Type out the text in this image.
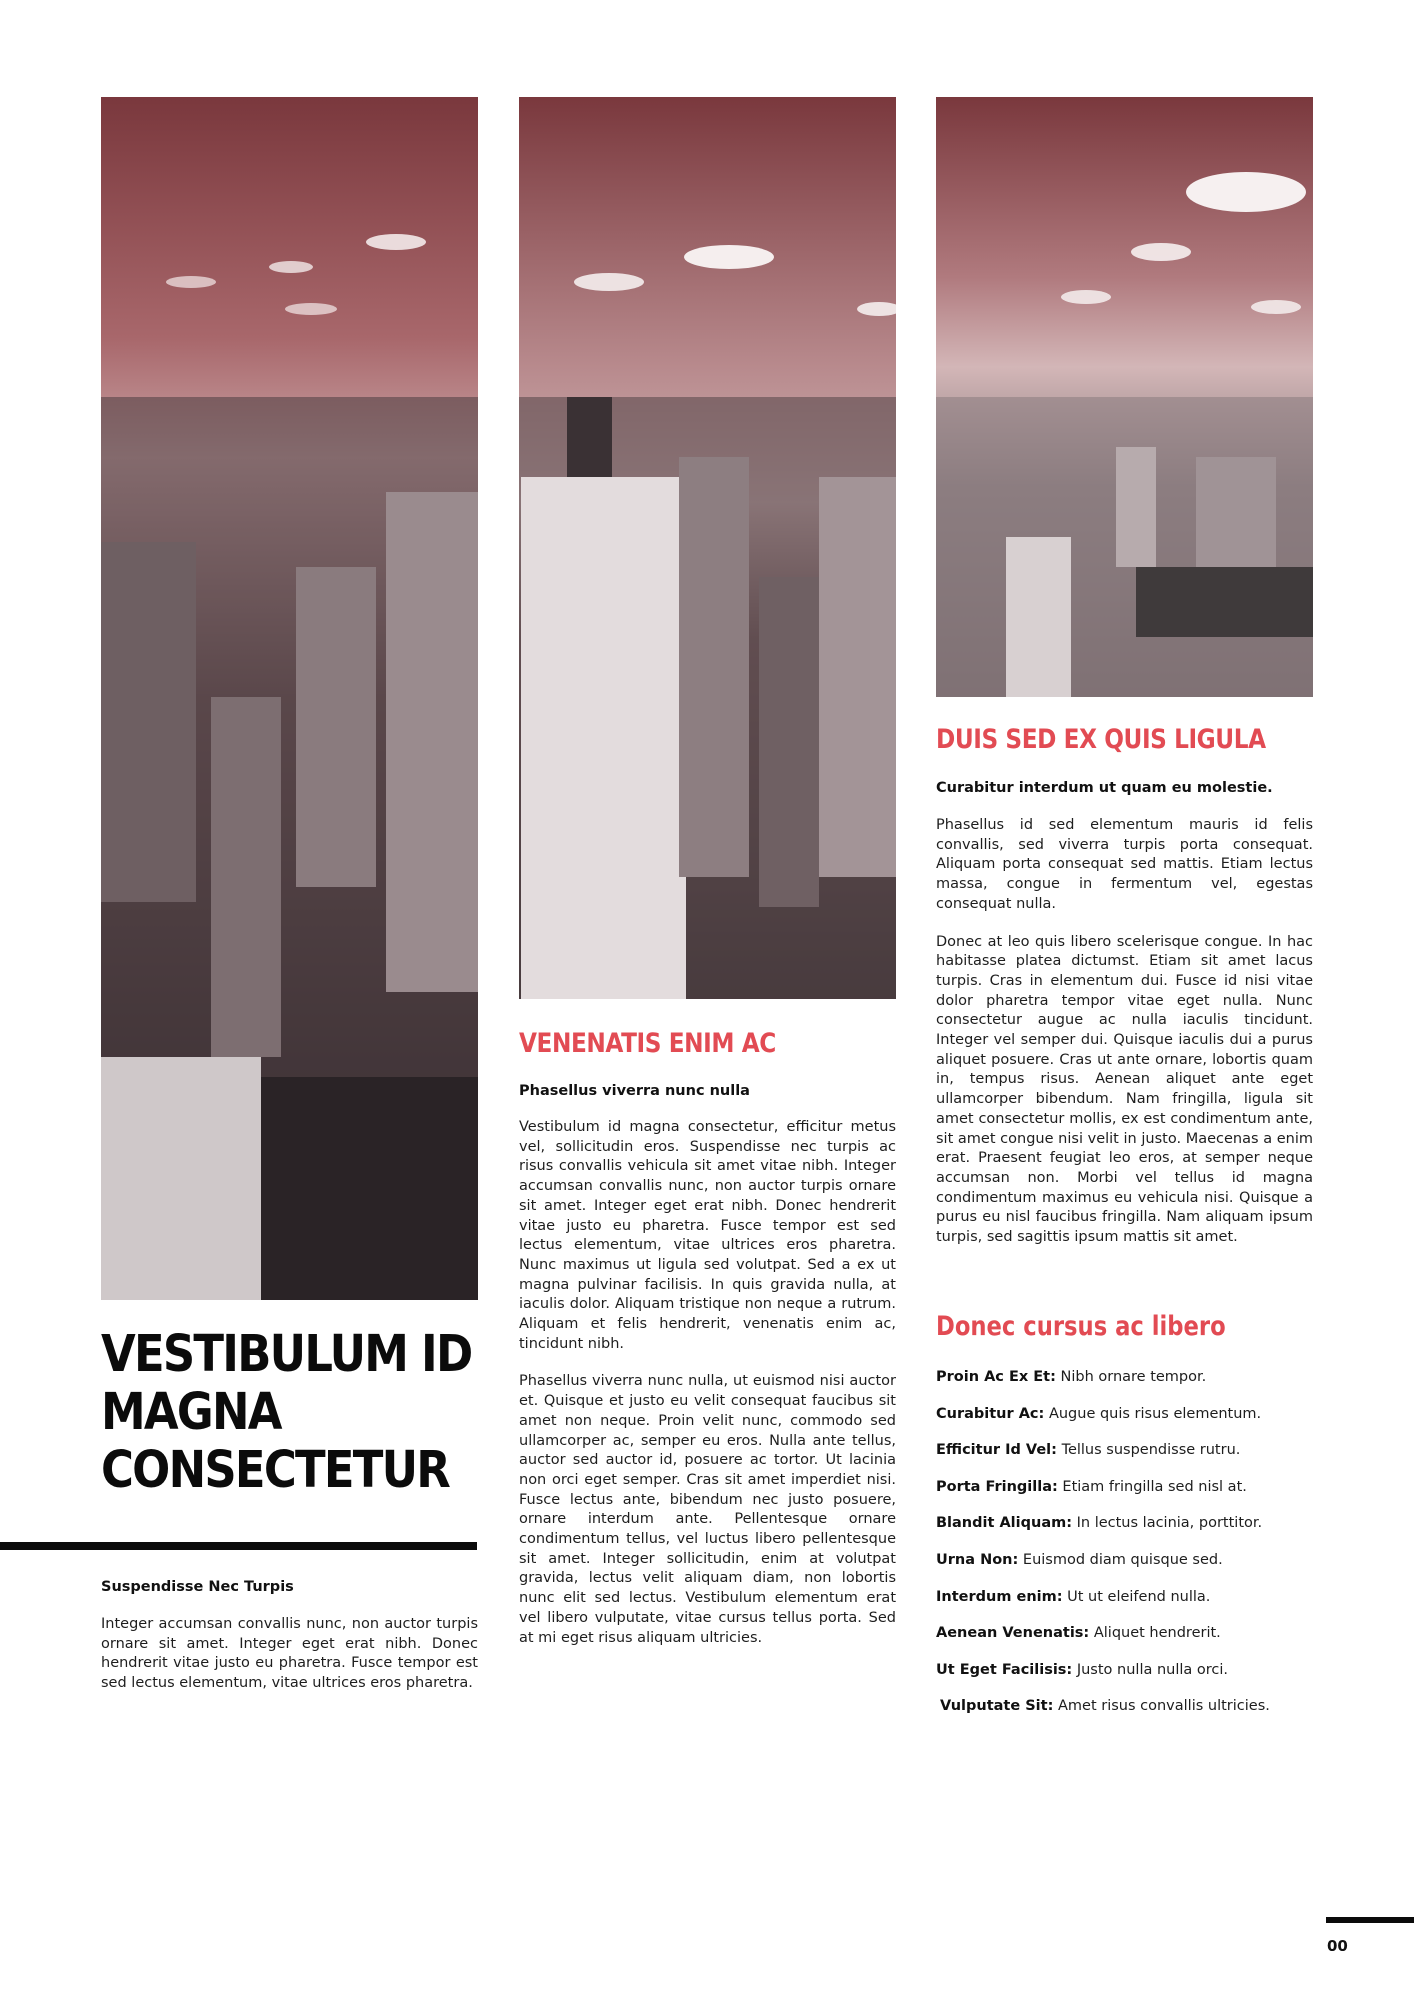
VESTIBULUM ID MAGNA CONSECTETUR

Suspendisse Nec Turpis

Integer accumsan convallis nunc, non auctor turpis ornare sit amet. Integer eget erat nibh. Donec hendrerit vitae justo eu pharetra. Fusce tempor est sed lectus elementum, vitae ultrices eros pharetra.

VENENATIS ENIM AC

Phasellus viverra nunc nulla

Vestibulum id magna consectetur, efficitur metus vel, sollicitudin eros. Suspendisse nec turpis ac risus convallis vehicula sit amet vitae nibh. Integer accumsan convallis nunc, non auctor turpis ornare sit amet. Integer eget erat nibh. Donec hendrerit vitae justo eu pharetra. Fusce tempor est sed lectus elementum, vitae ultrices eros pharetra. Nunc maximus ut ligula sed volutpat. Sed a ex ut magna pulvinar facilisis. In quis gravida nulla, at iaculis dolor. Aliquam tristique non neque a rutrum. Aliquam et felis hendrerit, venenatis enim ac, tincidunt nibh.

Phasellus viverra nunc nulla, ut euismod nisi auctor et. Quisque et justo eu velit consequat faucibus sit amet non neque. Proin velit nunc, commodo sed ullamcorper ac, semper eu eros. Nulla ante tellus, auctor sed auctor id, posuere ac tortor. Ut lacinia non orci eget semper. Cras sit amet imperdiet nisi. Fusce lectus ante, bibendum nec justo posuere, ornare interdum ante. Pellentesque ornare condimentum tellus, vel luctus libero pellentesque sit amet. Integer sollicitudin, enim at volutpat gravida, lectus velit aliquam diam, non lobortis nunc elit sed lectus. Vestibulum elementum erat vel libero vulputate, vitae cursus tellus porta. Sed at mi eget risus aliquam ultricies.

DUIS SED EX QUIS LIGULA

Curabitur interdum ut quam eu molestie.

Phasellus id sed elementum mauris id felis convallis, sed viverra turpis porta consequat. Aliquam porta consequat sed mattis. Etiam lectus massa, congue in fermentum vel, egestas consequat nulla.

Donec at leo quis libero scelerisque congue. In hac habitasse platea dictumst. Etiam sit amet lacus turpis. Cras in elementum dui. Fusce id nisi vitae dolor pharetra tempor vitae eget nulla. Nunc consectetur augue ac nulla iaculis tincidunt. Integer vel semper dui. Quisque iaculis dui a purus aliquet posuere. Cras ut ante ornare, lobortis quam in, tempus risus. Aenean aliquet ante eget ullamcorper bibendum. Nam fringilla, ligula sit amet consectetur mollis, ex est condimentum ante, sit amet congue nisi velit in justo. Maecenas a enim erat. Praesent feugiat leo eros, at semper neque accumsan non. Morbi vel tellus id magna condimentum maximus eu vehicula nisi. Quisque a purus eu nisl faucibus fringilla. Nam aliquam ipsum turpis, sed sagittis ipsum mattis sit amet.

Donec cursus ac libero
Proin Ac Ex Et: Nibh ornare tempor.
Curabitur Ac: Augue quis risus elementum.
Efficitur Id Vel: Tellus suspendisse rutru.
Porta Fringilla: Etiam fringilla sed nisl at.
Blandit Aliquam: In lectus lacinia, porttitor.
Urna Non: Euismod diam quisque sed.
Interdum enim: Ut ut eleifend nulla.
Aenean Venenatis: Aliquet hendrerit.
Ut Eget Facilisis: Justo nulla nulla orci.
Vulputate Sit: Amet risus convallis ultricies.
00
